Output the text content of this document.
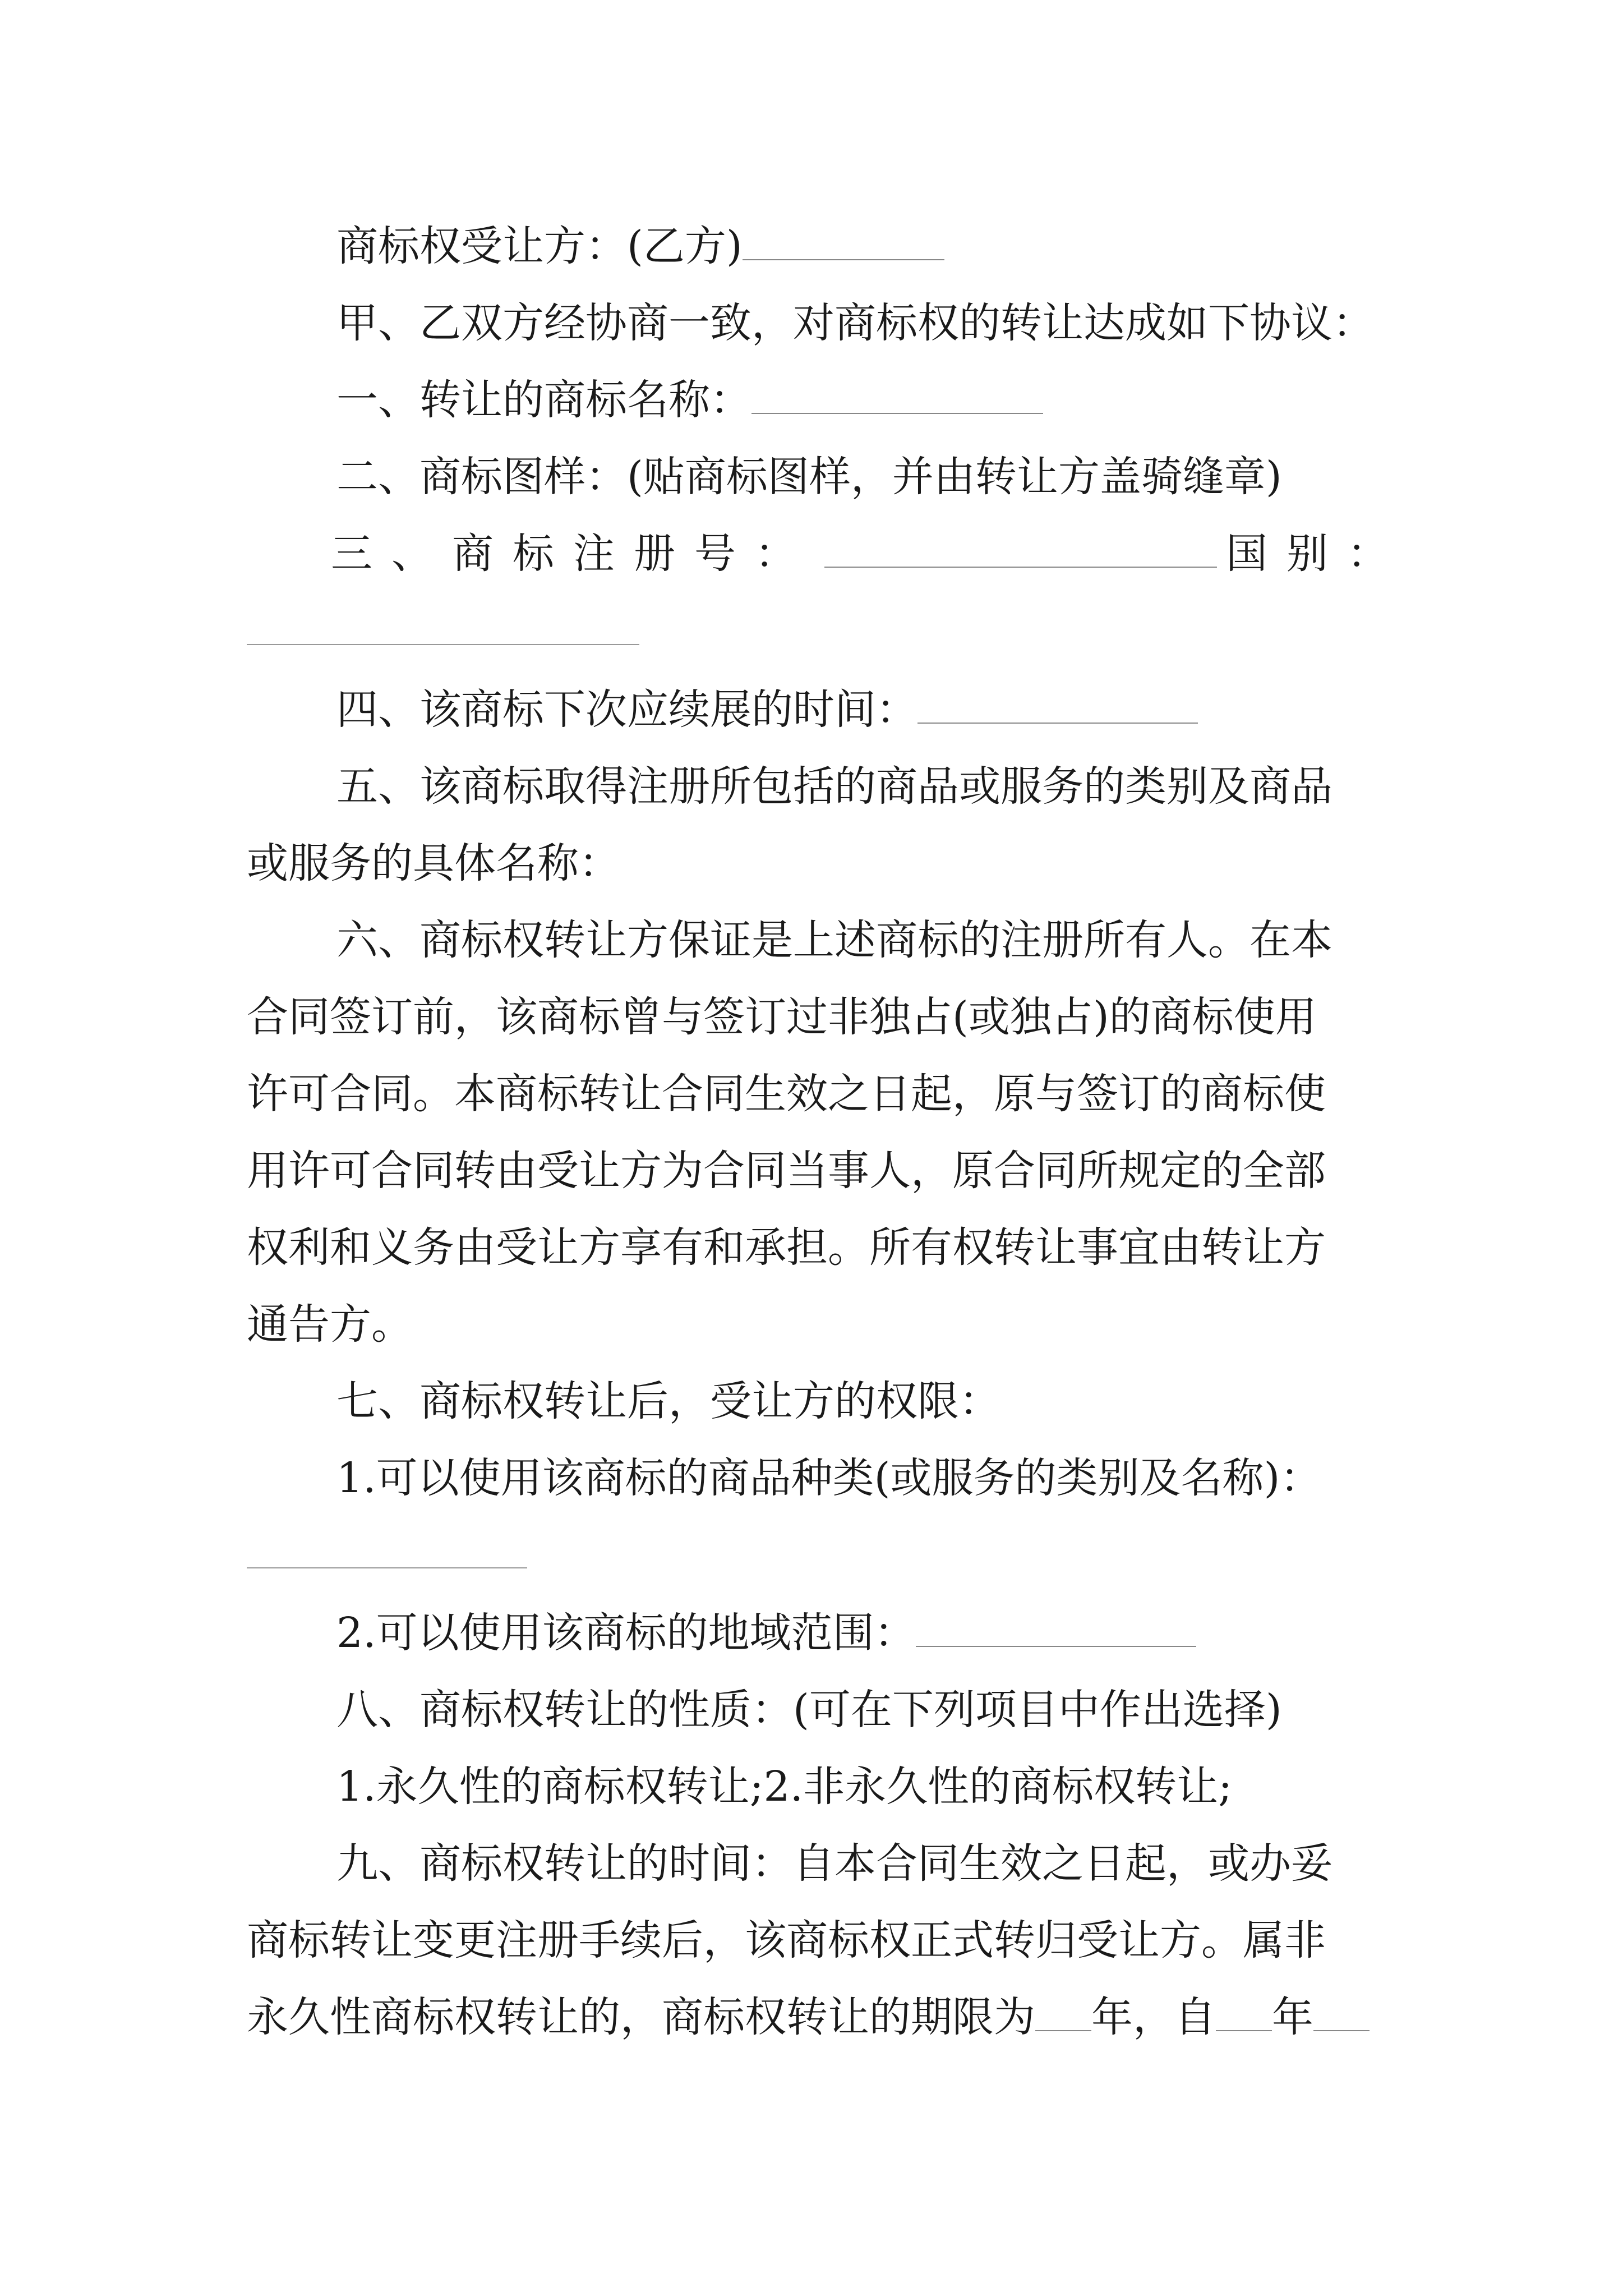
商标权受让方：(乙方)
甲、乙双方经协商一致，对商标权的转让达成如下协议：
一、转让的商标名称：
二、商标图样：(贴商标图样，并由转让方盖骑缝章)
三、商标注册号：	国别：
四、该商标下次应续展的时间：
五、该商标取得注册所包括的商品或服务的类别及商品
或服务的具体名称：
六、商标权转让方保证是上述商标的注册所有人。在本
合同签订前，该商标曾与签订过非独占(或独占)的商标使用
许可合同。本商标转让合同生效之日起，原与签订的商标使
用许可合同转由受让方为合同当事人，原合同所规定的全部
权利和义务由受让方享有和承担。所有权转让事宜由转让方
通告方。
七、商标权转让后，受让方的权限：
1.可以使用该商标的商品种类(或服务的类别及名称)：
2.可以使用该商标的地域范围：
八、商标权转让的性质：(可在下列项目中作出选择)
1.永久性的商标权转让;2.非永久性的商标权转让;
九、商标权转让的时间：自本合同生效之日起，或办妥
商标转让变更注册手续后，该商标权正式转归受让方。属非
永久性商标权转让的，商标权转让的期限为 年，自 年
